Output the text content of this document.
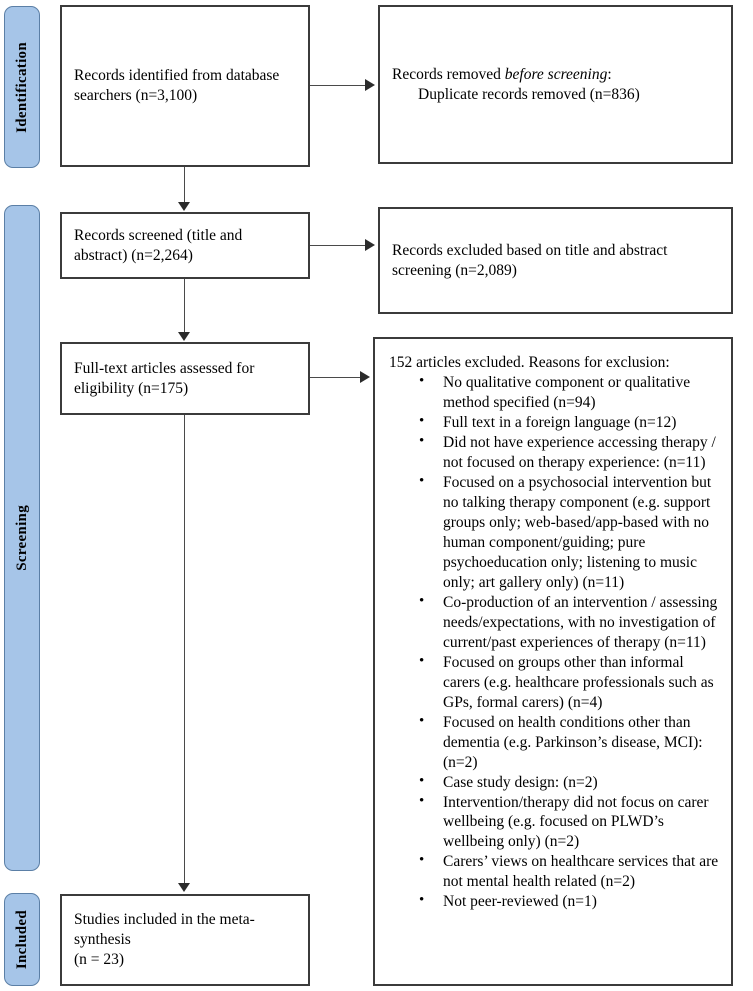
Identification
Screening
Included
Records identified from database
searchers (n=3,100)
Records removed before screening:
Duplicate records removed (n=836)
Records screened (title and
abstract) (n=2,264)	Records excluded based on title and abstract
screening (n=2,089)
Full-text articles assessed for
eligibility (n=175)
152 articles excluded. Reasons for exclusion:
• No qualitative component or qualitative method specified (n=94)
• Full text in a foreign language (n=12)
• Did not have experience accessing therapy / not focused on therapy experience: (n=11)
• Focused on a psychosocial intervention but no talking therapy component (e.g. support groups only; web-based/app-based with no human component/guiding; pure psychoeducation only; listening to music only; art gallery only) (n=11)
• Co-production of an intervention / assessing needs/expectations, with no investigation of current/past experiences of therapy (n=11)
• Focused on groups other than informal carers (e.g. healthcare professionals such as GPs, formal carers) (n=4)
• Focused on health conditions other than dementia (e.g. Parkinson’s disease, MCI): (n=2)
• Case study design: (n=2)
• Intervention/therapy did not focus on carer wellbeing (e.g. focused on PLWD’s wellbeing only) (n=2)
• Carers’ views on healthcare services that are not mental health related (n=2)
• Not peer-reviewed (n=1)
Studies included in the meta-
synthesis
(n = 23)
